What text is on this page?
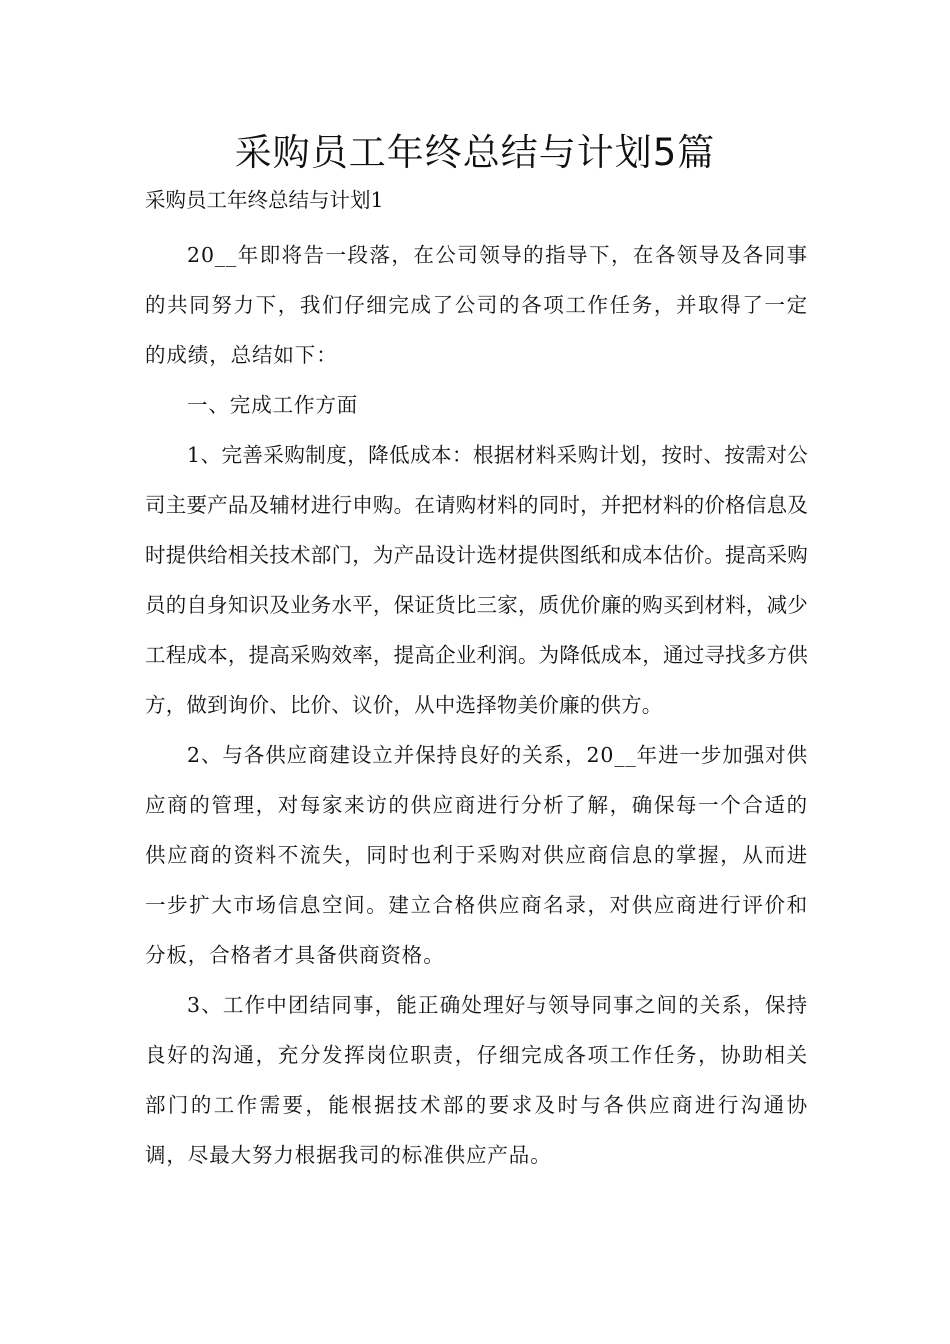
采购员工年终总结与计划5篇

采购员工年终总结与计划1

20__年即将告一段落，在公司领导的指导下，在各领导及各同事的共同努力下，我们仔细完成了公司的各项工作任务，并取得了一定的成绩，总结如下：

一、完成工作方面

1、完善采购制度，降低成本：根据材料采购计划，按时、按需对公司主要产品及辅材进行申购。在请购材料的同时，并把材料的价格信息及时提供给相关技术部门，为产品设计选材提供图纸和成本估价。提高采购员的自身知识及业务水平，保证货比三家，质优价廉的购买到材料，减少工程成本，提高采购效率，提高企业利润。为降低成本，通过寻找多方供方，做到询价、比价、议价，从中选择物美价廉的供方。

2、与各供应商建设立并保持良好的关系，20__年进一步加强对供应商的管理，对每家来访的供应商进行分析了解，确保每一个合适的供应商的资料不流失，同时也利于采购对供应商信息的掌握，从而进一步扩大市场信息空间。建立合格供应商名录，对供应商进行评价和分板，合格者才具备供商资格。

3、工作中团结同事，能正确处理好与领导同事之间的关系，保持良好的沟通，充分发挥岗位职责，仔细完成各项工作任务，协助相关部门的工作需要，能根据技术部的要求及时与各供应商进行沟通协调，尽最大努力根据我司的标准供应产品。
